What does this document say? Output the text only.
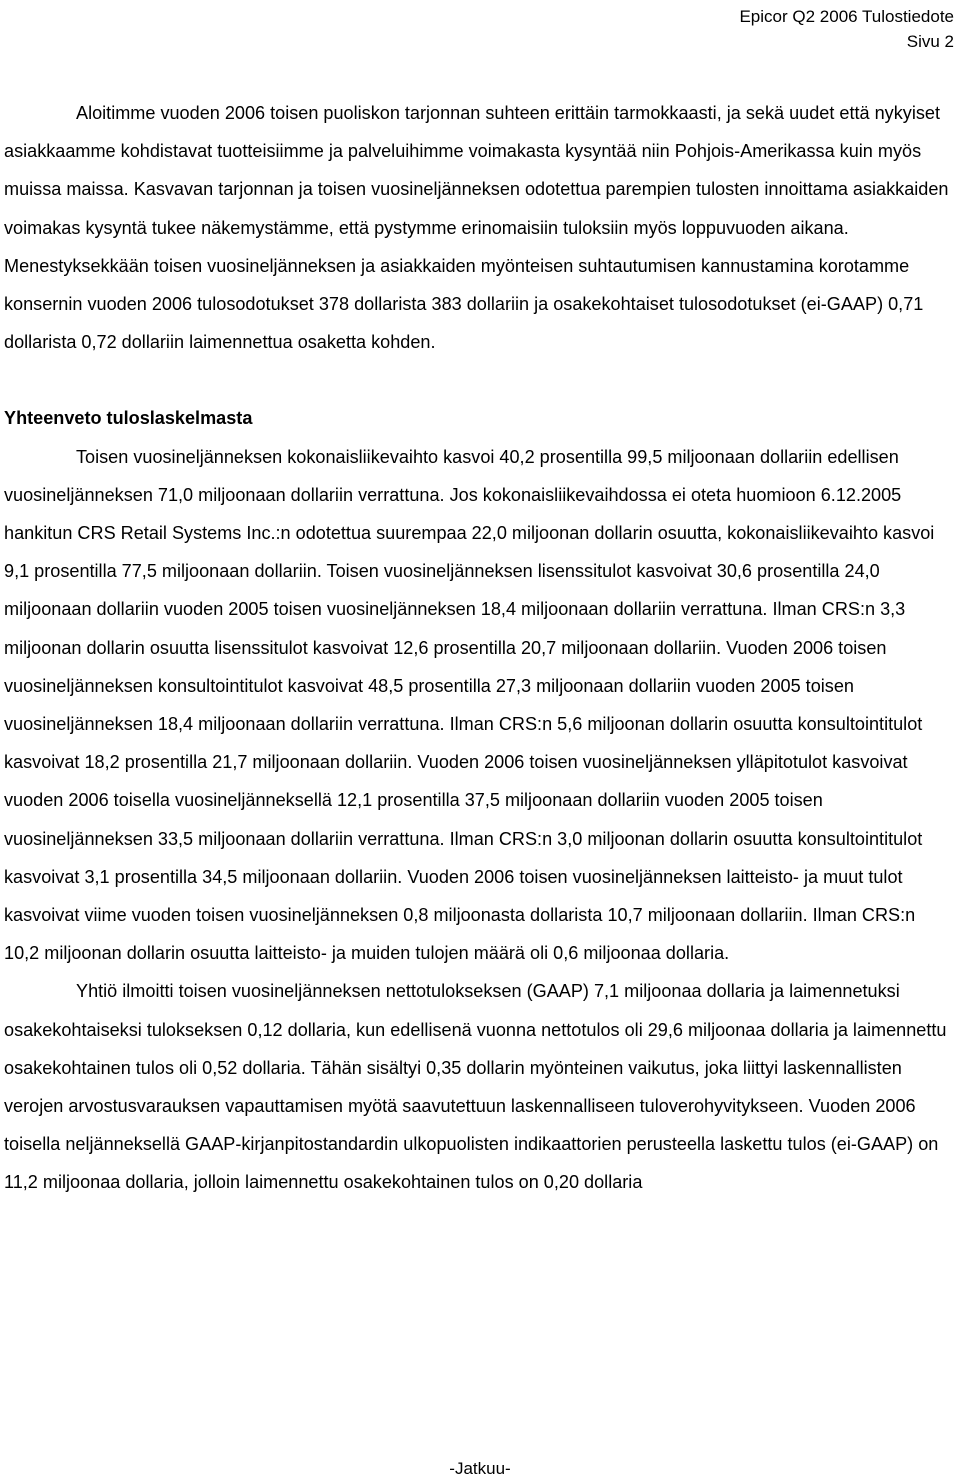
Epicor Q2 2006 Tulostiedote
Sivu 2

Aloitimme vuoden 2006 toisen puoliskon tarjonnan suhteen erittäin tarmokkaasti, ja sekä uudet että nykyiset asiakkaamme kohdistavat tuotteisiimme ja palveluihimme voimakasta kysyntää niin Pohjois-Amerikassa kuin myös muissa maissa. Kasvavan tarjonnan ja toisen vuosineljänneksen odotettua parempien tulosten innoittama asiakkaiden voimakas kysyntä tukee näkemystämme, että pystymme erinomaisiin tuloksiin myös loppuvuoden aikana. Menestyksekkään toisen vuosineljänneksen ja asiakkaiden myönteisen suhtautumisen kannustamina korotamme konsernin vuoden 2006 tulosodotukset 378 dollarista 383 dollariin ja osakekohtaiset tulosodotukset (ei-GAAP) 0,71 dollarista 0,72 dollariin laimennettua osaketta kohden.

Yhteenveto tuloslaskelmasta

Toisen vuosineljänneksen kokonaisliikevaihto kasvoi 40,2 prosentilla 99,5 miljoonaan dollariin edellisen vuosineljänneksen 71,0 miljoonaan dollariin verrattuna. Jos kokonaisliikevaihdossa ei oteta huomioon 6.12.2005 hankitun CRS Retail Systems Inc.:n odotettua suurempaa 22,0 miljoonan dollarin osuutta, kokonaisliikevaihto kasvoi 9,1 prosentilla 77,5 miljoonaan dollariin. Toisen vuosineljänneksen lisenssitulot kasvoivat 30,6 prosentilla 24,0 miljoonaan dollariin vuoden 2005 toisen vuosineljänneksen 18,4 miljoonaan dollariin verrattuna. Ilman CRS:n 3,3 miljoonan dollarin osuutta lisenssitulot kasvoivat 12,6 prosentilla 20,7 miljoonaan dollariin. Vuoden 2006 toisen vuosineljänneksen konsultointitulot kasvoivat 48,5 prosentilla 27,3 miljoonaan dollariin vuoden 2005 toisen vuosineljänneksen 18,4 miljoonaan dollariin verrattuna. Ilman CRS:n 5,6 miljoonan dollarin osuutta konsultointitulot kasvoivat 18,2 prosentilla 21,7 miljoonaan dollariin. Vuoden 2006 toisen vuosineljänneksen ylläpitotulot kasvoivat vuoden 2006 toisella vuosineljänneksellä 12,1 prosentilla 37,5 miljoonaan dollariin vuoden 2005 toisen vuosineljänneksen 33,5 miljoonaan dollariin verrattuna. Ilman CRS:n 3,0 miljoonan dollarin osuutta konsultointitulot kasvoivat 3,1 prosentilla 34,5 miljoonaan dollariin. Vuoden 2006 toisen vuosineljänneksen laitteisto- ja muut tulot kasvoivat viime vuoden toisen vuosineljänneksen 0,8 miljoonasta dollarista 10,7 miljoonaan dollariin. Ilman CRS:n 10,2 miljoonan dollarin osuutta laitteisto- ja muiden tulojen määrä oli 0,6 miljoonaa dollaria.

Yhtiö ilmoitti toisen vuosineljänneksen nettotulokseksen (GAAP) 7,1 miljoonaa dollaria ja laimennetuksi osakekohtaiseksi tulokseksen 0,12 dollaria, kun edellisenä vuonna nettotulos oli 29,6 miljoonaa dollaria ja laimennettu osakekohtainen tulos oli 0,52 dollaria. Tähän sisältyi 0,35 dollarin myönteinen vaikutus, joka liittyi laskennallisten verojen arvostusvarauksen vapauttamisen myötä saavutettuun laskennalliseen tuloverohyvitykseen. Vuoden 2006 toisella neljänneksellä GAAP-kirjanpitostandardin ulkopuolisten indikaattorien perusteella laskettu tulos (ei-GAAP) on 11,2 miljoonaa dollaria, jolloin laimennettu osakekohtainen tulos on 0,20 dollaria

-Jatkuu-
